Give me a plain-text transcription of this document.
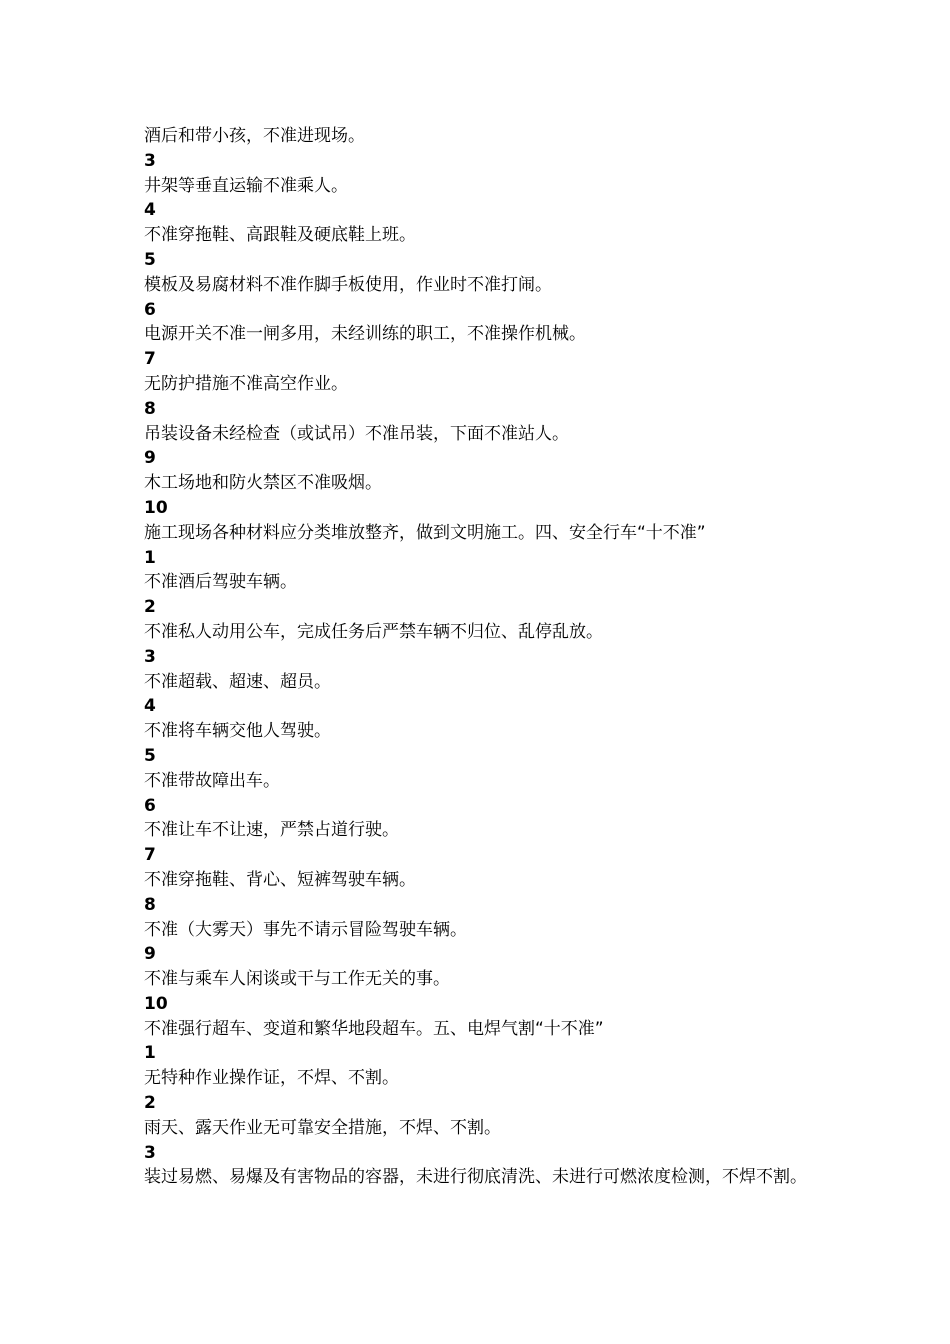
酒后和带小孩，不准进现场。

3

井架等垂直运输不准乘人。

4

不准穿拖鞋、高跟鞋及硬底鞋上班。

5

模板及易腐材料不准作脚手板使用，作业时不准打闹。

6

电源开关不准一闸多用，未经训练的职工，不准操作机械。

7

无防护措施不准高空作业。

8

吊装设备未经检查（或试吊）不准吊装，下面不准站人。

9

木工场地和防火禁区不准吸烟。

10

施工现场各种材料应分类堆放整齐，做到文明施工。四、安全行车“十不准”

1

不准酒后驾驶车辆。

2

不准私人动用公车，完成任务后严禁车辆不归位、乱停乱放。

3

不准超载、超速、超员。

4

不准将车辆交他人驾驶。

5

不准带故障出车。

6

不准让车不让速，严禁占道行驶。

7

不准穿拖鞋、背心、短裤驾驶车辆。

8

不准（大雾天）事先不请示冒险驾驶车辆。

9

不准与乘车人闲谈或干与工作无关的事。

10

不准强行超车、变道和繁华地段超车。五、电焊气割“十不准”

1

无特种作业操作证，不焊、不割。

2

雨天、露天作业无可靠安全措施，不焊、不割。

3

装过易燃、易爆及有害物品的容器，未进行彻底清洗、未进行可燃浓度检测，不焊不割。
